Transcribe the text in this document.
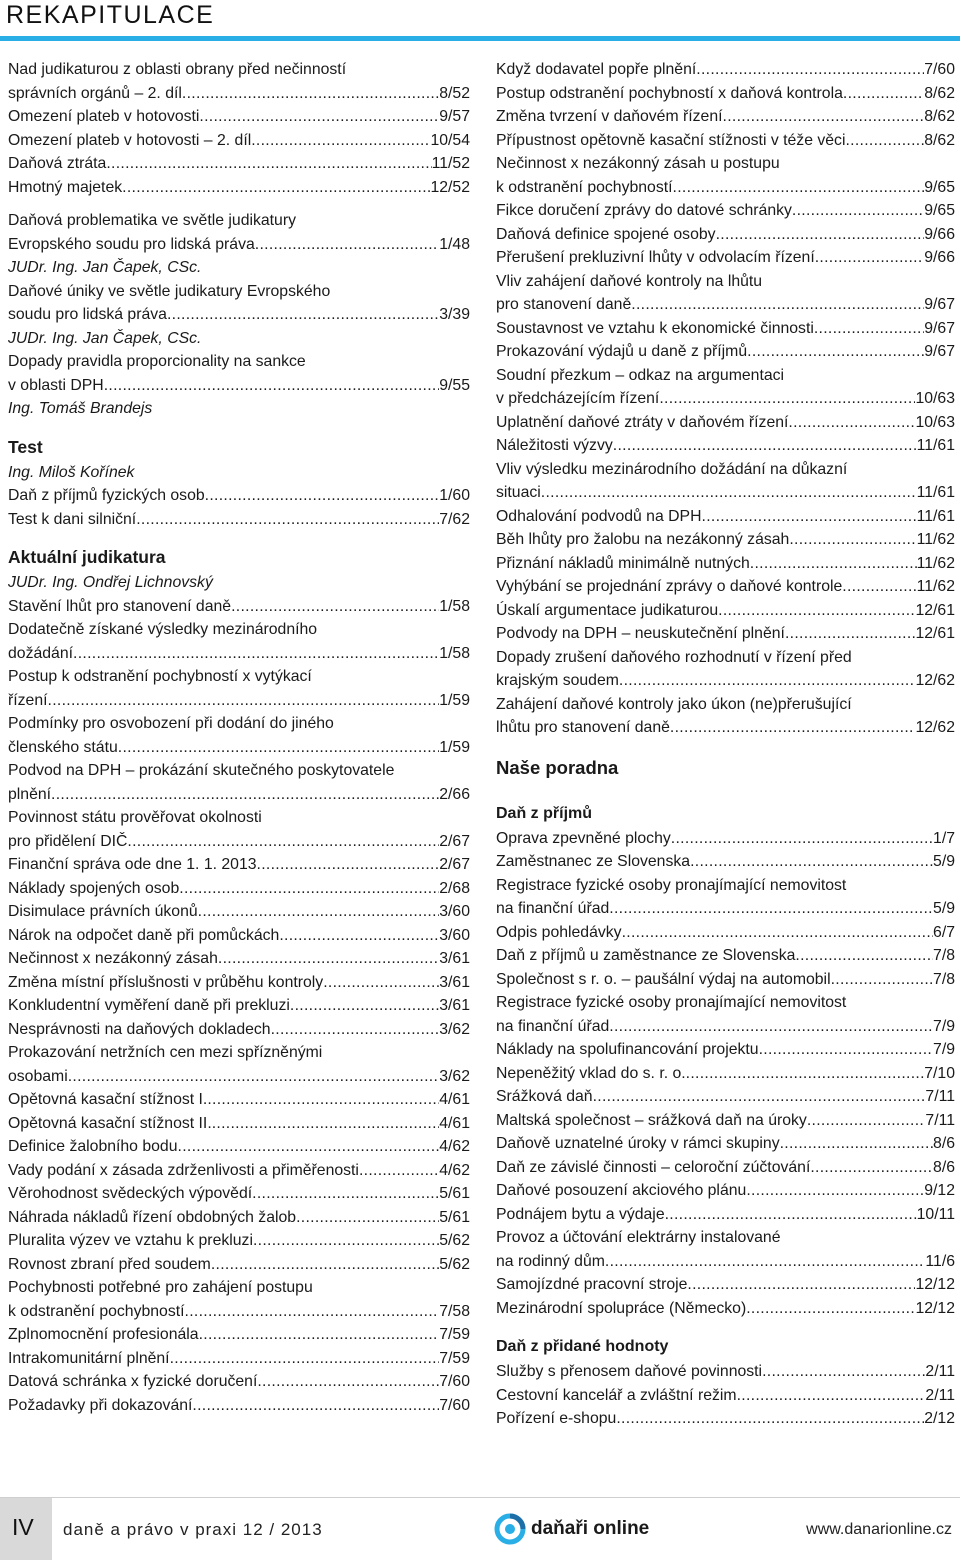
REKAPITULACE
Nad judikaturou z oblasti obrany před nečinností
správních orgánů – 2. díl .....	8/52
Omezení plateb v hotovosti .....	9/57
Omezení plateb v hotovosti – 2. díl .....	10/54
Daňová ztráta .....	11/52
Hmotný majetek .....	12/52
Daňová problematika ve světle judikatury
Evropského soudu pro lidská práva .....	1/48
JUDr. Ing. Jan Čapek, CSc.
Daňové úniky ve světle judikatury Evropského
soudu pro lidská práva .....	3/39
JUDr. Ing. Jan Čapek, CSc.
Dopady pravidla proporcionality na sankce
v oblasti DPH .....	9/55
Ing. Tomáš Brandejs
Test
Ing. Miloš Kořínek
Daň z příjmů fyzických osob .....	1/60
Test k dani silniční .....	7/62
Aktuální judikatura
JUDr. Ing. Ondřej Lichnovský
Stavění lhůt pro stanovení daně .....	1/58
Dodatečně získané výsledky mezinárodního
dožádání .....	1/58
Postup k odstranění pochybností x vytýkací
řízení .....	1/59
Podmínky pro osvobození při dodání do jiného
členského státu .....	1/59
Podvod na DPH – prokázání skutečného poskytovatele
plnění .....	2/66
Povinnost státu prověřovat okolnosti
pro přidělení DIČ .....	2/67
Finanční správa ode dne 1. 1. 2013 .....	2/67
Náklady spojených osob .....	2/68
Disimulace právních úkonů .....	3/60
Nárok na odpočet daně při pomůckách .....	3/60
Nečinnost x nezákonný zásah .....	3/61
Změna místní příslušnosti v průběhu kontroly .....	3/61
Konkludentní vyměření daně při prekluzi .....	3/61
Nesprávnosti na daňových dokladech .....	3/62
Prokazování netržních cen mezi spřízněnými
osobami .....	3/62
Opětovná kasační stížnost I. .....	4/61
Opětovná kasační stížnost II. .....	4/61
Definice žalobního bodu .....	4/62
Vady podání x zásada zdrženlivosti a přiměřenosti .....	4/62
Věrohodnost svědeckých výpovědí .....	5/61
Náhrada nákladů řízení obdobných žalob .....	5/61
Pluralita výzev ve vztahu k prekluzi .....	5/62
Rovnost zbraní před soudem .....	5/62
Pochybnosti potřebné pro zahájení postupu
k odstranění pochybností .....	7/58
Zplnomocnění profesionála .....	7/59
Intrakomunitární plnění .....	7/59
Datová schránka x fyzické doručení .....	7/60
Požadavky při dokazování .....	7/60
Když dodavatel popře plnění .....	7/60
Postup odstranění pochybností x daňová kontrola .....	8/62
Změna tvrzení v daňovém řízení .....	8/62
Přípustnost opětovně kasační stížnosti v téže věci .....	8/62
Nečinnost x nezákonný zásah u postupu
k odstranění pochybností .....	9/65
Fikce doručení zprávy do datové schránky .....	9/65
Daňová definice spojené osoby .....	9/66
Přerušení prekluzivní lhůty v odvolacím řízení .....	9/66
Vliv zahájení daňové kontroly na lhůtu
pro stanovení daně .....	9/67
Soustavnost ve vztahu k ekonomické činnosti .....	9/67
Prokazování výdajů u daně z příjmů .....	9/67
Soudní přezkum – odkaz na argumentaci
v předcházejícím řízení .....	10/63
Uplatnění daňové ztráty v daňovém řízení .....	10/63
Náležitosti výzvy .....	11/61
Vliv výsledku mezinárodního dožádání na důkazní
situaci .....	11/61
Odhalování podvodů na DPH .....	11/61
Běh lhůty pro žalobu na nezákonný zásah .....	11/62
Přiznání nákladů minimálně nutných .....	11/62
Vyhýbání se projednání zprávy o daňové kontrole .....	11/62
Úskalí argumentace judikaturou .....	12/61
Podvody na DPH – neuskutečnění plnění .....	12/61
Dopady zrušení daňového rozhodnutí v řízení před
krajským soudem .....	12/62
Zahájení daňové kontroly jako úkon (ne)přerušující
lhůtu pro stanovení daně .....	12/62
Naše poradna
Daň z příjmů
Oprava zpevněné plochy .....	1/7
Zaměstnanec ze Slovenska .....	5/9
Registrace fyzické osoby pronajímající nemovitost
na finanční úřad .....	5/9
Odpis pohledávky .....	6/7
Daň z příjmů u zaměstnance ze Slovenska .....	7/8
Společnost s r. o. – paušální výdaj na automobil .....	7/8
Registrace fyzické osoby pronajímající nemovitost
na finanční úřad .....	7/9
Náklady na spolufinancování projektu .....	7/9
Nepeněžitý vklad do s. r. o. .....	7/10
Srážková daň .....	7/11
Maltská společnost – srážková daň na úroky .....	7/11
Daňově uznatelné úroky v rámci skupiny .....	8/6
Daň ze závislé činnosti – celoroční zúčtování .....	8/6
Daňové posouzení akciového plánu .....	9/12
Podnájem bytu a výdaje .....	10/11
Provoz a účtování elektrárny instalované
na rodinný dům .....	11/6
Samojízdné pracovní stroje .....	12/12
Mezinárodní spolupráce (Německo) .....	12/12
Daň z přidané hodnoty
Služby s přenosem daňové povinnosti .....	2/11
Cestovní kancelář a zvláštní režim .....	2/11
Pořízení e-shopu .....	2/12
IV daně a právo v praxi 12 / 2013	daňaři online	www.danarionline.cz
